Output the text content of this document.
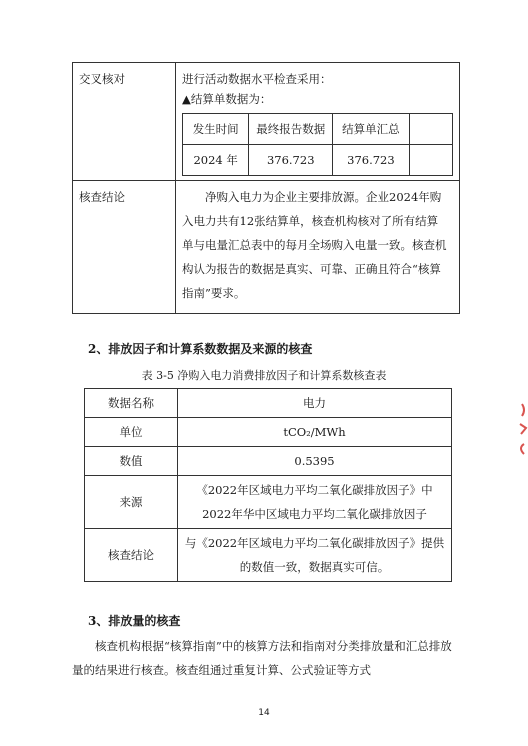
交叉核对	进行活动数据水平检查采用：
▲结算单数据为：
发生时间	最终报告数据	结算单汇总	
2024 年	376.723	376.723	

核查结论	净购入电力为企业主要排放源。企业2024年购入电力共有12张结算单，核查机构核对了所有结算单与电量汇总表中的每月全场购入电量一致。核查机构认为报告的数据是真实、可靠、正确且符合“核算指南”要求。
2、排放因子和计算系数数据及来源的核查
表 3-5 净购入电力消费排放因子和计算系数核查表
数据名称	电力
单位	tCO₂/MWh
数值	0.5395
来源	《2022年区域电力平均二氧化碳排放因子》中2022年华中区域电力平均二氧化碳排放因子
核查结论	与《2022年区域电力平均二氧化碳排放因子》提供的数值一致，数据真实可信。
3、排放量的核查
核查机构根据“核算指南”中的核算方法和指南对分类排放量和汇总排放量的结果进行核查。核查组通过重复计算、公式验证等方式
14
